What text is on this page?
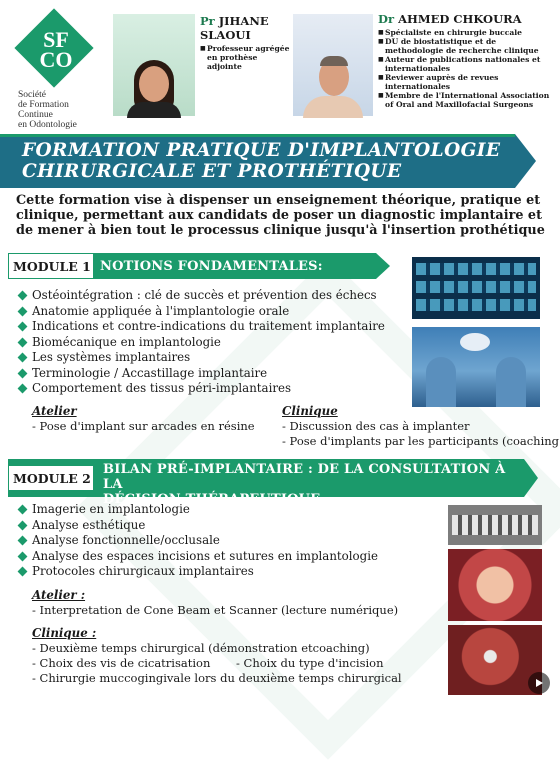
SF
CO
Société
de Formation
Continue
en Odontologie
Pr JIHANE
SLAOUI
■ Professeur agrégée en prothèse adjointe
Dr AHMED CHKOURA
■ Spécialiste en chirurgie buccale
■ DU de biostatistique et de methodologie de recherche clinique
■ Auteur de publications nationales et internationales
■ Reviewer auprès de revues internationales
■ Membre de l'International Association of Oral and Maxillofacial Surgeons
FORMATION PRATIQUE D'IMPLANTOLOGIE
CHIRURGICALE ET PROTHÉTIQUE
Cette formation vise à dispenser un enseignement théorique, pratique et clinique, permettant aux candidats de poser un diagnostic implantaire et de mener à bien tout le processus clinique jusqu'à l'insertion prothétique
MODULE 1 NOTIONS FONDAMENTALES:
Ostéointégration : clé de succès et prévention des échecs
Anatomie appliquée à l'implantologie orale
Indications et contre-indications du traitement implantaire
Biomécanique en implantologie
Les systèmes implantaires
Terminologie / Accastillage implantaire
Comportement des tissus péri-implantaires
Atelier
- Pose d'implant sur arcades en résine
Clinique
- Discussion des cas à implanter
- Pose d'implants par les participants (coaching
MODULE 2
BILAN PRÉ-IMPLANTAIRE : DE LA CONSULTATION À LA
DÉCISION THÉRAPEUTIQUE
Imagerie en implantologie
Analyse esthétique
Analyse fonctionnelle/occlusale
Analyse des espaces incisions et sutures en implantologie
Protocoles chirurgicaux implantaires
Atelier :
- Interpretation de Cone Beam et Scanner (lecture numérique)
Clinique :
- Deuxième temps chirurgical (démonstration etcoaching)
- Choix des vis de cicatrisation - Choix du type d'incision
- Chirurgie muccogingivale lors du deuxième temps chirurgical
